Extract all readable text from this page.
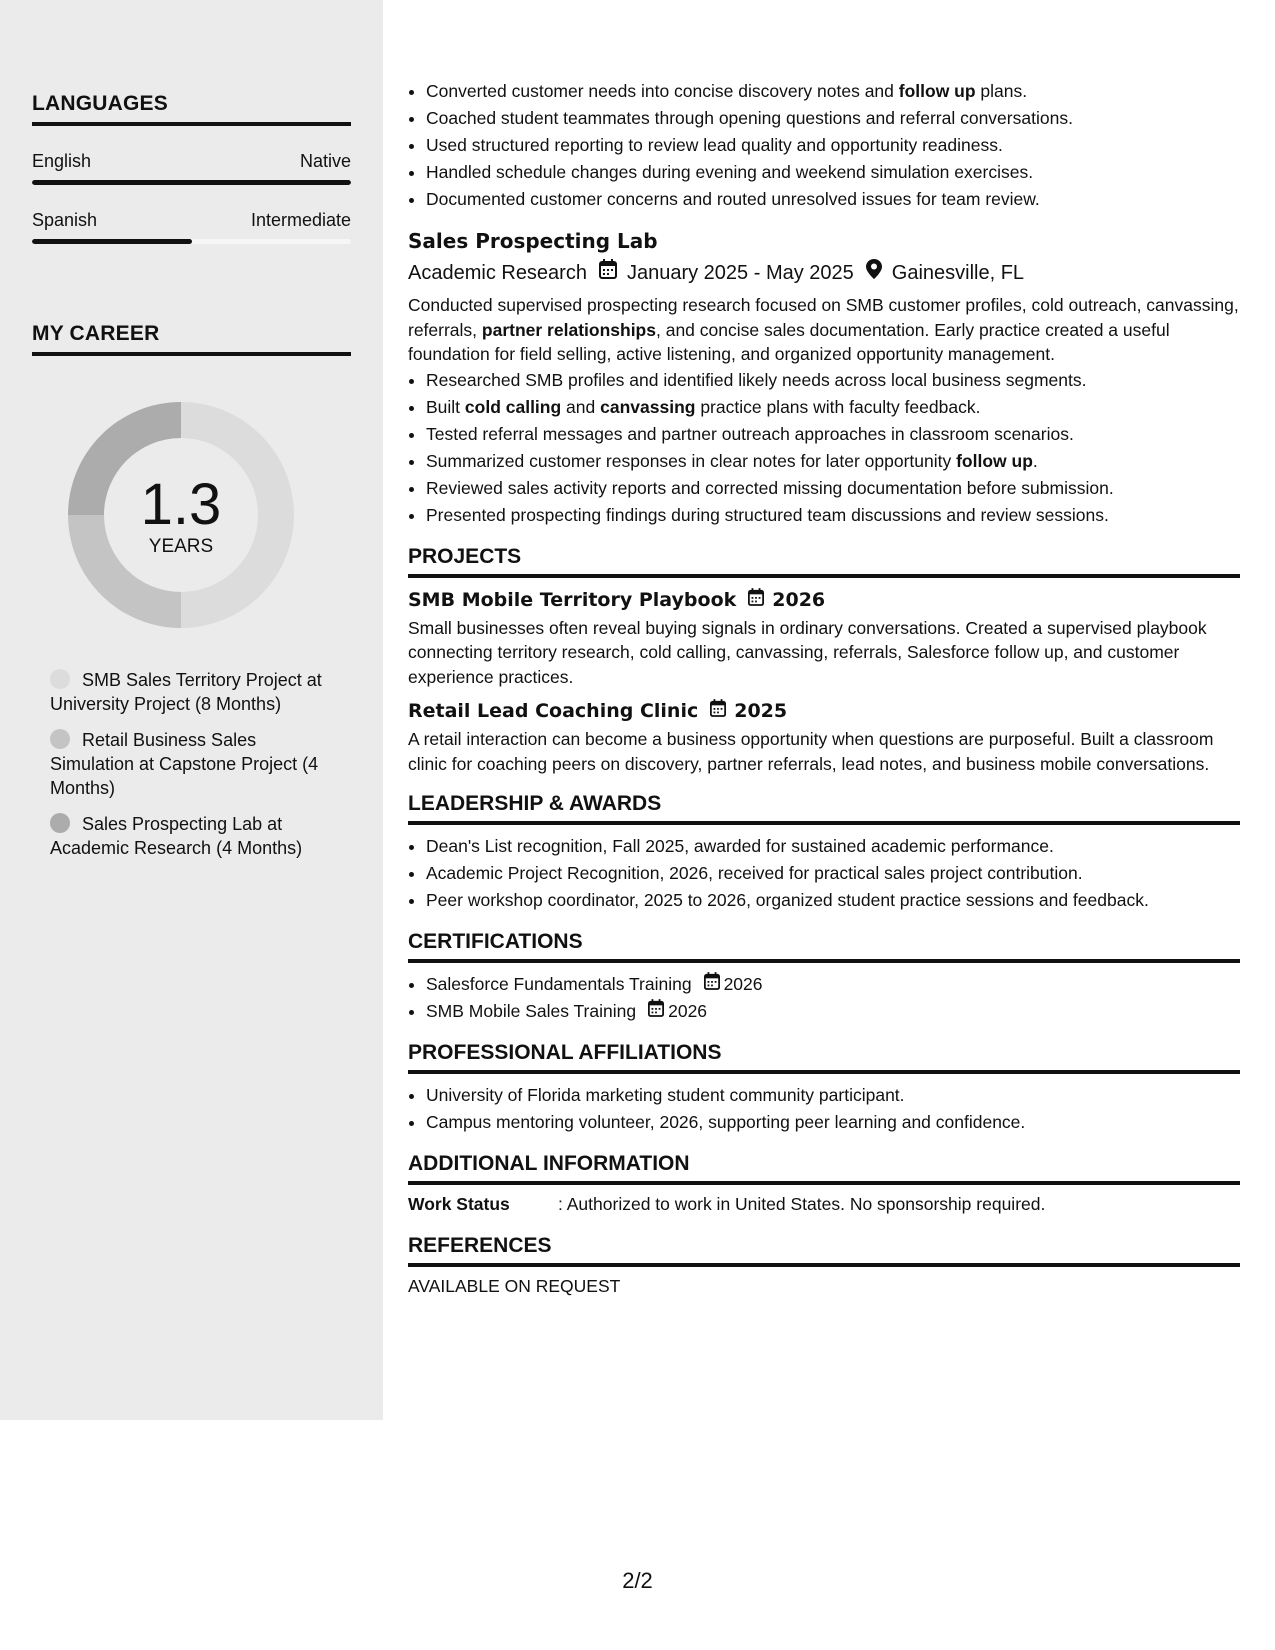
LANGUAGES
English	Native
Spanish	Intermediate
MY CAREER
1.3
YEARS
SMB Sales Territory Project at University Project (8 Months)
Retail Business Sales Simulation at Capstone Project (4 Months)
Sales Prospecting Lab at Academic Research (4 Months)
• Converted customer needs into concise discovery notes and follow up plans.
• Coached student teammates through opening questions and referral conversations.
• Used structured reporting to review lead quality and opportunity readiness.
• Handled schedule changes during evening and weekend simulation exercises.
• Documented customer concerns and routed unresolved issues for team review.
Sales Prospecting Lab
Academic Research January 2025 - May 2025 Gainesville, FL
Conducted supervised prospecting research focused on SMB customer profiles, cold outreach, canvassing, referrals, partner relationships, and concise sales documentation. Early practice created a useful foundation for field selling, active listening, and organized opportunity management.
• Researched SMB profiles and identified likely needs across local business segments.
• Built cold calling and canvassing practice plans with faculty feedback.
• Tested referral messages and partner outreach approaches in classroom scenarios.
• Summarized customer responses in clear notes for later opportunity follow up.
• Reviewed sales activity reports and corrected missing documentation before submission.
• Presented prospecting findings during structured team discussions and review sessions.
PROJECTS
SMB Mobile Territory Playbook 2026
Small businesses often reveal buying signals in ordinary conversations. Created a supervised playbook connecting territory research, cold calling, canvassing, referrals, Salesforce follow up, and customer experience practices.
Retail Lead Coaching Clinic 2025
A retail interaction can become a business opportunity when questions are purposeful. Built a classroom clinic for coaching peers on discovery, partner referrals, lead notes, and business mobile conversations.
LEADERSHIP & AWARDS
• Dean's List recognition, Fall 2025, awarded for sustained academic performance.
• Academic Project Recognition, 2026, received for practical sales project contribution.
• Peer workshop coordinator, 2025 to 2026, organized student practice sessions and feedback.
CERTIFICATIONS
• Salesforce Fundamentals Training 2026
• SMB Mobile Sales Training 2026
PROFESSIONAL AFFILIATIONS
• University of Florida marketing student community participant.
• Campus mentoring volunteer, 2026, supporting peer learning and confidence.
ADDITIONAL INFORMATION
Work Status	: Authorized to work in United States. No sponsorship required.
REFERENCES
AVAILABLE ON REQUEST
2/2
